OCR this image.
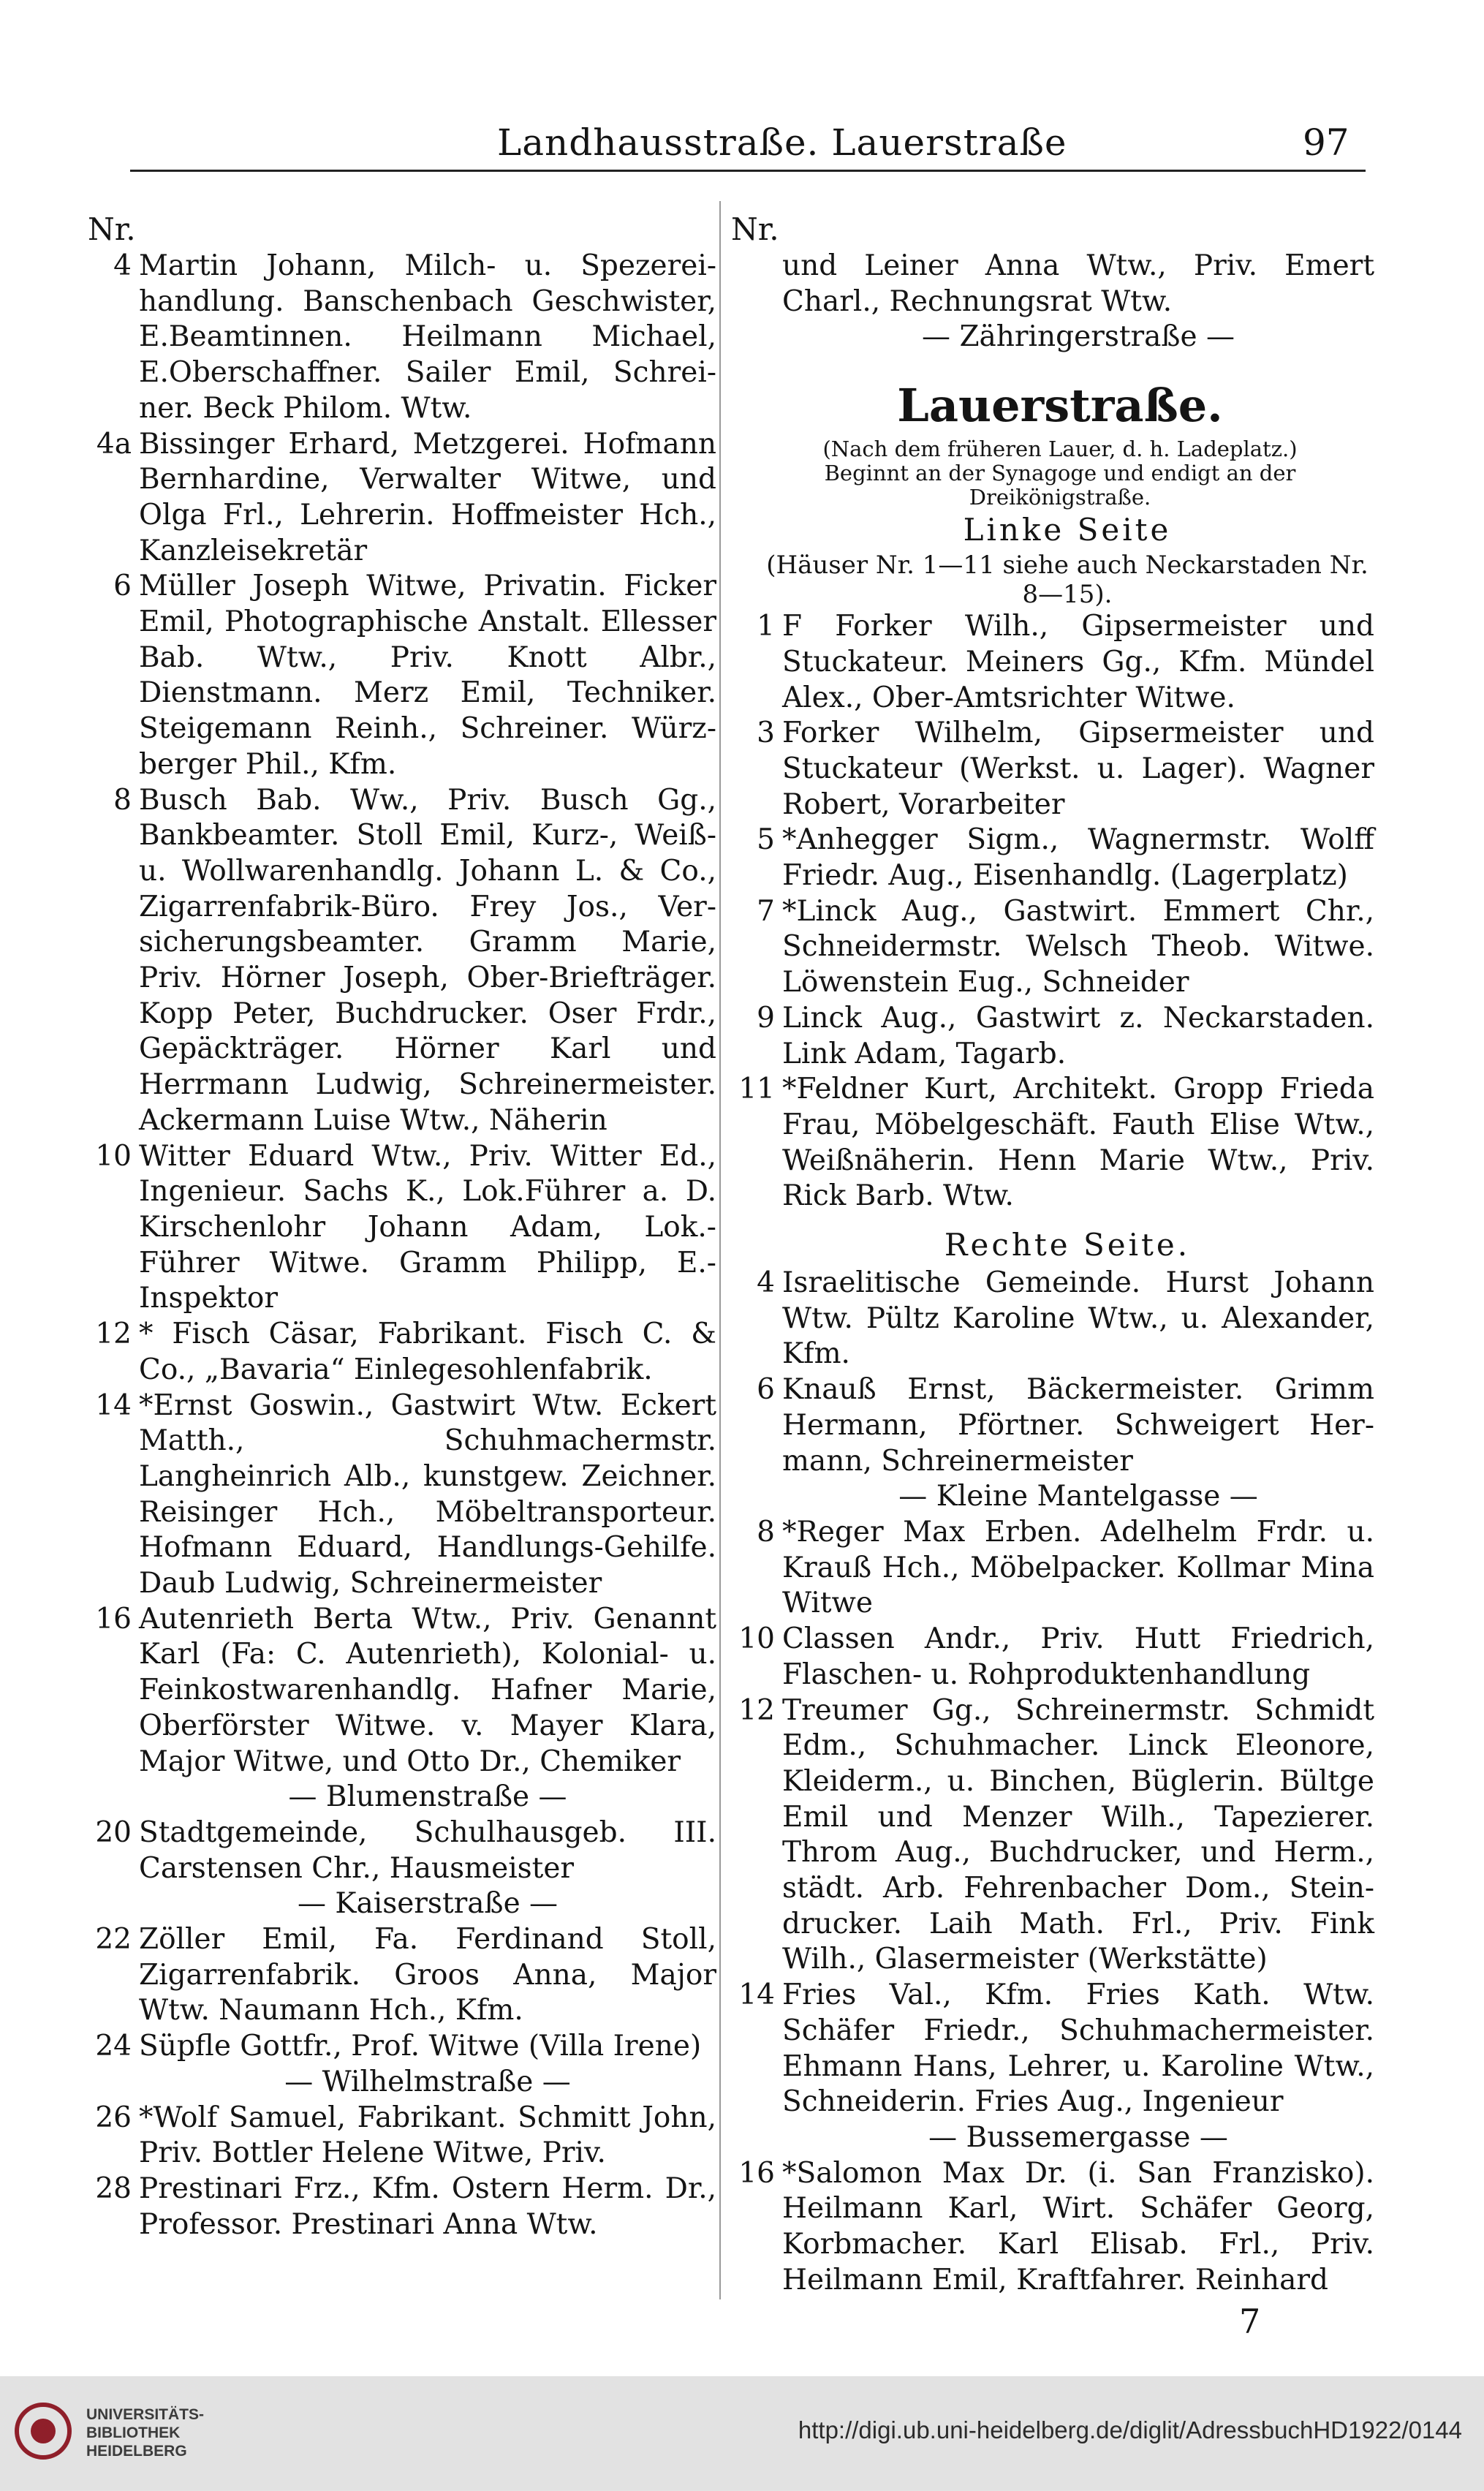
Landhausstraße. Lauerstraße	97
Nr.
4 Martin Johann, Milch- u. Spezereihandlung. Banschenbach Geschwister, E.Beamtinnen. Heilmann Michael, E.Oberschaffner. Sailer Emil, Schreiner. Beck Philom. Wtw.
4a Bissinger Erhard, Metzgerei. Hofmann Bernhardine, Verwalter Witwe, und Olga Frl., Lehrerin. Hoffmeister Hch., Kanzleisekretär
6 Müller Joseph Witwe, Privatin. Ficker Emil, Photographische Anstalt. Ellesser Bab. Wtw., Priv. Knott Albr., Dienstmann. Merz Emil, Techniker. Steigemann Reinh., Schreiner. Würzberger Phil., Kfm.
8 Busch Bab. Ww., Priv. Busch Gg., Bankbeamter. Stoll Emil, Kurz-, Weiß- u. Wollwarenhandlg. Johann L. & Co., Zigarrenfabrik-Büro. Frey Jos., Versicherungsbeamter. Gramm Marie, Priv. Hörner Joseph, Ober-Briefträger. Kopp Peter, Buchdrucker. Oser Frdr., Gepäckträger. Hörner Karl und Herrmann Ludwig, Schreinermeister. Ackermann Luise Wtw., Näherin
10 Witter Eduard Wtw., Priv. Witter Ed., Ingenieur. Sachs K., Lok.Führer a. D. Kirschenlohr Johann Adam, Lok.-Führer Witwe. Gramm Philipp, E.-Inspektor
12 * Fisch Cäsar, Fabrikant. Fisch C. & Co., „Bavaria“ Einlegesohlenfabrik.
14 *Ernst Goswin., Gastwirt Wtw. Eckert Matth., Schuhmachermstr. Langheinrich Alb., kunstgew. Zeichner. Reisinger Hch., Möbeltransporteur. Hofmann Eduard, Handlungs-Gehilfe. Daub Ludwig, Schreinermeister
16 Autenrieth Berta Wtw., Priv. Genannt Karl (Fa: C. Autenrieth), Kolonial- u. Feinkostwarenhandlg. Hafner Marie, Oberförster Witwe. v. Mayer Klara, Major Witwe, und Otto Dr., Chemiker
— Blumenstraße —
20 Stadtgemeinde, Schulhausgeb. III. Carstensen Chr., Hausmeister
— Kaiserstraße —
22 Zöller Emil, Fa. Ferdinand Stoll, Zigarrenfabrik. Groos Anna, Major Wtw. Naumann Hch., Kfm.
24 Süpfle Gottfr., Prof. Witwe (Villa Irene)
— Wilhelmstraße —
26 *Wolf Samuel, Fabrikant. Schmitt John, Priv. Bottler Helene Witwe, Priv.
28 Prestinari Frz., Kfm. Ostern Herm. Dr., Professor. Prestinari Anna Wtw.
Nr.
und Leiner Anna Wtw., Priv. Emert Charl., Rechnungsrat Wtw.
— Zähringerstraße —
Lauerstraße.
(Nach dem früheren Lauer, d. h. Ladeplatz.)
Beginnt an der Synagoge und endigt an der Dreikönigstraße.
Linke Seite
(Häuser Nr. 1—11 siehe auch Neckarstaden Nr. 8—15).
1 F Forker Wilh., Gipsermeister und Stuckateur. Meiners Gg., Kfm. Mündel Alex., Ober-Amtsrichter Witwe.
3 Forker Wilhelm, Gipsermeister und Stuckateur (Werkst. u. Lager). Wagner Robert, Vorarbeiter
5 *Anhegger Sigm., Wagnermstr. Wolff Friedr. Aug., Eisenhandlg. (Lagerplatz)
7 *Linck Aug., Gastwirt. Emmert Chr., Schneidermstr. Welsch Theob. Witwe. Löwenstein Eug., Schneider
9 Linck Aug., Gastwirt z. Neckarstaden. Link Adam, Tagarb.
11 *Feldner Kurt, Architekt. Gropp Frieda Frau, Möbelgeschäft. Fauth Elise Wtw., Weißnäherin. Henn Marie Wtw., Priv. Rick Barb. Wtw.
Rechte Seite.
4 Israelitische Gemeinde. Hurst Johann Wtw. Pültz Karoline Wtw., u. Alexander, Kfm.
6 Knauß Ernst, Bäckermeister. Grimm Hermann, Pförtner. Schweigert Hermann, Schreinermeister
— Kleine Mantelgasse —
8 *Reger Max Erben. Adelhelm Frdr. u. Krauß Hch., Möbelpacker. Kollmar Mina Witwe
10 Classen Andr., Priv. Hutt Friedrich, Flaschen- u. Rohproduktenhandlung
12 Treumer Gg., Schreinermstr. Schmidt Edm., Schuhmacher. Linck Eleonore, Kleiderm., u. Binchen, Büglerin. Bültge Emil und Menzer Wilh., Tapezierer. Throm Aug., Buchdrucker, und Herm., städt. Arb. Fehrenbacher Dom., Steindrucker. Laih Math. Frl., Priv. Fink Wilh., Glasermeister (Werkstätte)
14 Fries Val., Kfm. Fries Kath. Wtw. Schäfer Friedr., Schuhmachermeister. Ehmann Hans, Lehrer, u. Karoline Wtw., Schneiderin. Fries Aug., Ingenieur
— Bussemergasse —
16 *Salomon Max Dr. (i. San Franzisko). Heilmann Karl, Wirt. Schäfer Georg, Korbmacher. Karl Elisab. Frl., Priv. Heilmann Emil, Kraftfahrer. Reinhard
7
UNIVERSITÄTS-
BIBLIOTHEK
HEIDELBERG
http://digi.ub.uni-heidelberg.de/diglit/AdressbuchHD1922/0144
